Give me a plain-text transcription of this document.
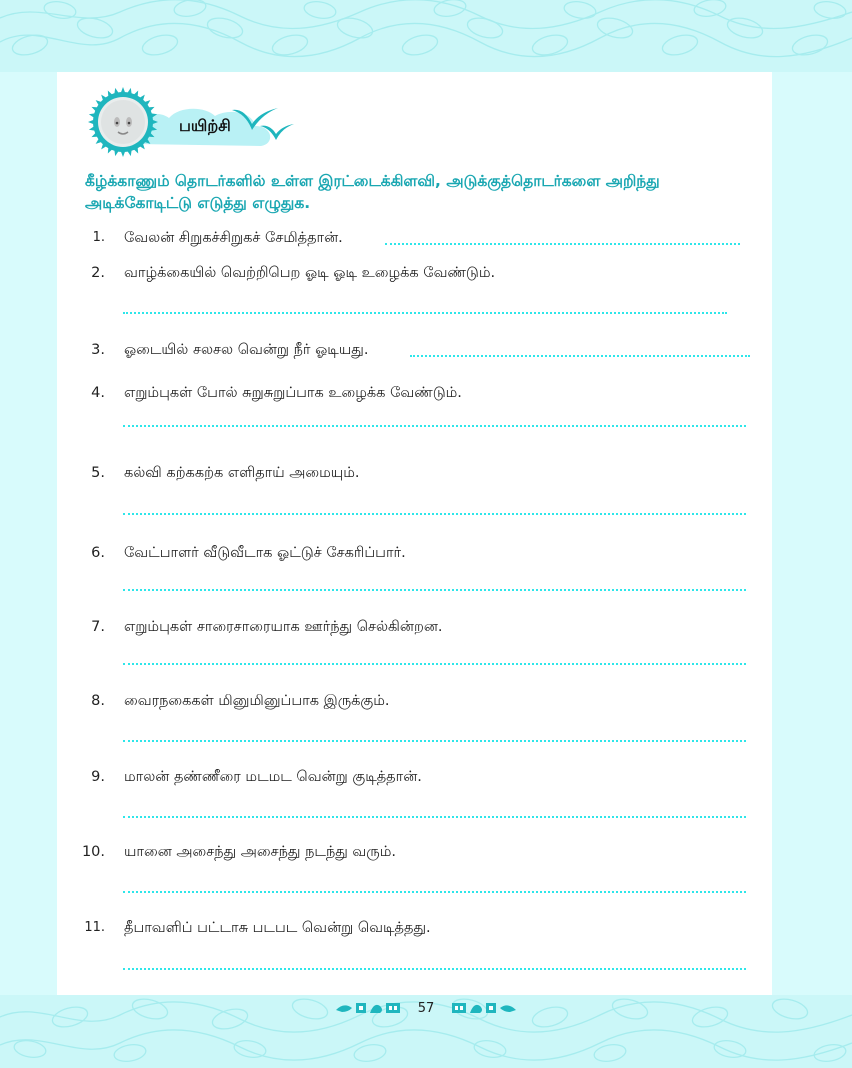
பயிற்சி
கீழ்க்காணும் தொடர்களில் உள்ள இரட்டைக்கிளவி, அடுக்குத்தொடர்களை அறிந்து அடிக்கோடிட்டு எடுத்து எழுதுக.
1. வேலன் சிறுகச்சிறுகச் சேமித்தான்.
2. வாழ்க்கையில் வெற்றிபெற ஓடி ஓடி உழைக்க வேண்டும்.
3. ஓடையில் சலசல வென்று நீர் ஓடியது.
4. எறும்புகள் போல் சுறுசுறுப்பாக உழைக்க வேண்டும்.
5. கல்வி கற்ககற்க எளிதாய் அமையும்.
6. வேட்பாளர் வீடுவீடாக ஓட்டுச் சேகரிப்பார்.
7. எறும்புகள் சாரைசாரையாக ஊர்ந்து செல்கின்றன.
8. வைரநகைகள் மினுமினுப்பாக இருக்கும்.
9. மாலன் தண்ணீரை மடமட வென்று குடித்தான்.
10. யானை அசைந்து அசைந்து நடந்து வரும்.
11. தீபாவளிப் பட்டாசு படபட வென்று வெடித்தது.
57
